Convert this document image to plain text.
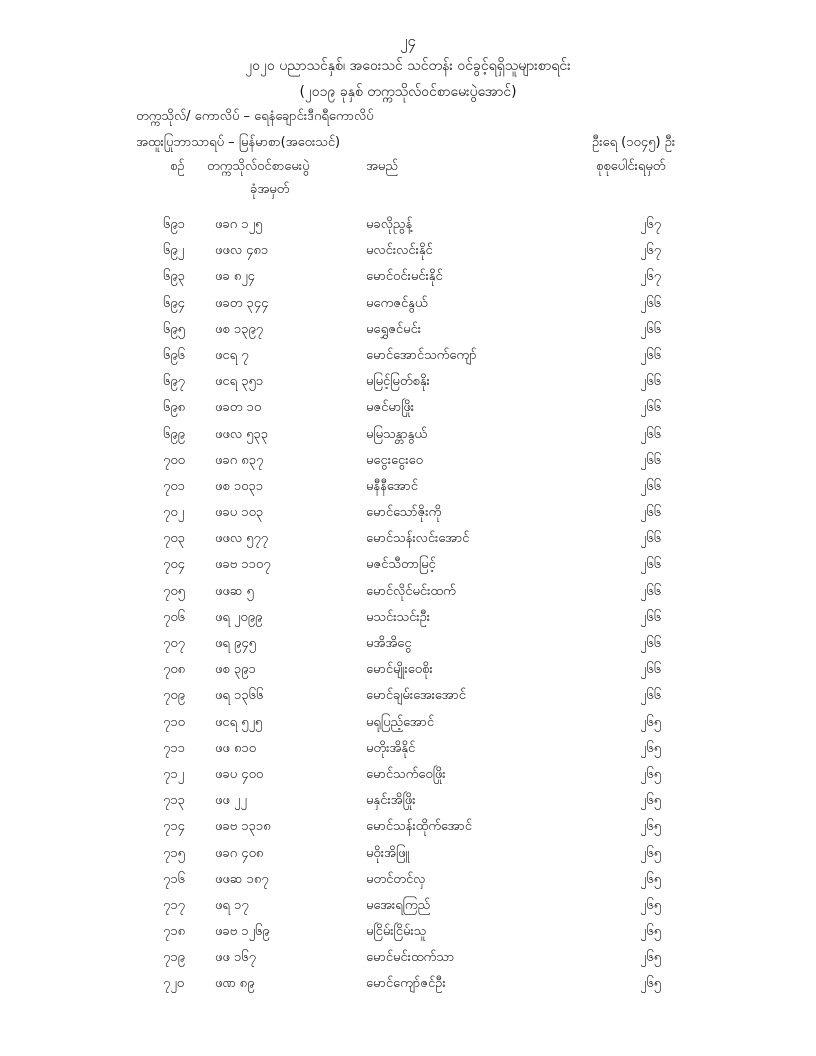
၂၄
၂၀၂၀ ပညာသင်နှစ်၊ အဝေးသင် သင်တန်း ဝင်ခွင့်ရရှိသူများစာရင်း
(၂၀၁၉ ခုနှစ် တက္ကသိုလ်ဝင်စာမေးပွဲအောင်)
တက္ကသိုလ်/ ကောလိပ် – ရေနံချောင်းဒီဂရီကောလိပ်
အထူးပြုဘာသာရပ် – မြန်မာစာ(အဝေးသင်)	ဦးရေ (၁၀၄၅) ဦး
စဉ် တက္ကသိုလ်ဝင်စာမေးပွဲ
ခုံအမှတ်
အမည်	စုစုပေါင်းရမှတ်
၆၉၁ ဖခဂ ၁၂၅	မခလိုညွန့်	၂၆၇
၆၉၂ ဖဖလ ၄၈၁	မလင်းလင်းနိုင်	၂၆၇
၆၉၃ ဖခ ၈၂၄	မောင်ဝင်းမင်းနိုင်	၂၆၇
၆၉၄ ဖခတ ၃၄၄	မကေဇင်နွယ်	၂၆၆
၆၉၅ ဖစ ၁၃၉၇	မရွှေဇင်မင်း	၂၆၆
၆၉၆ ဖငရ ၇	မောင်အောင်သက်ကျော်	၂၆၆
၆၉၇ ဖငရ ၃၅၁	မမြင့်မြတ်စနိုး	၂၆၆
၆၉၈ ဖခတ ၁၀	မဇင်မာဖြိုး	၂၆၆
၆၉၉ ဖဖလ ၅၃၃	မမြသန္တာနွယ်	၂၆၆
၇၀၀ ဖခဂ ၈၃၇	မငွေးငွေးဝေ	၂၆၆
၇၀၁ ဖစ ၁၀၃၁	မနီနီအောင်	၂၆၆
၇၀၂ ဖခပ ၁၀၃	မောင်သော်ဇိုးကို	၂၆၆
၇၀၃ ဖဖလ ၅၇၇	မောင်သန်းလင်းအောင်	၂၆၆
၇၀၄ ဖခဗ ၁၁၀၇	မဇင်သီတာမြင့်	၂၆၆
၇၀၅ ဖဖဆ ၅	မောင်လိုင်မင်းထက်	၂၆၆
၇၀၆ ဖရ ၂၀၉၉	မသင်းသင်းဦး	၂၆၆
၇၀၇ ဖရ ၉၄၅	မအိအိငွေ	၂၆၆
၇၀၈ ဖစ ၃၉၁	မောင်မျိုးဝေစိုး	၂၆၆
၇၀၉ ဖရ ၁၃၆၆	မောင်ချမ်းအေးအောင်	၂၆၆
၇၁၀ ဖငရ ၅၂၅	မရုပြည့်အောင်	၂၆၅
၇၁၁ ဖဖ ၈၁၀	မတိုးအိနိုင်	၂၆၅
၇၁၂ ဖခပ ၄၀၀	မောင်သက်ဝေဖြိုး	၂၆၅
၇၁၃ ဖဖ ၂၂	မနှင်းအိဖြိုး	၂၆၅
၇၁၄ ဖခဗ ၁၃၁၈	မောင်သန်းထိုက်အောင်	၂၆၅
၇၁၅ ဖခဂ ၄၀၈	မဝိုးအိဖြူ	၂၆၅
၇၁၆ ဖဖဆ ၁၈၇	မတင်တင်လှ	၂၆၅
၇၁၇ ဖရ ၁၇	မအေးရကြည်	၂၆၅
၇၁၈ ဖခဗ ၁၂၆၉	မငြိမ်းငြိမ်းသူ	၂၆၅
၇၁၉ ဖဖ ၁၆၇	မောင်မင်းထက်သာ	၂၆၅
၇၂၀ ဖဏ ၈၉	မောင်ကျော်ဇင်ဦး	၂၆၅
